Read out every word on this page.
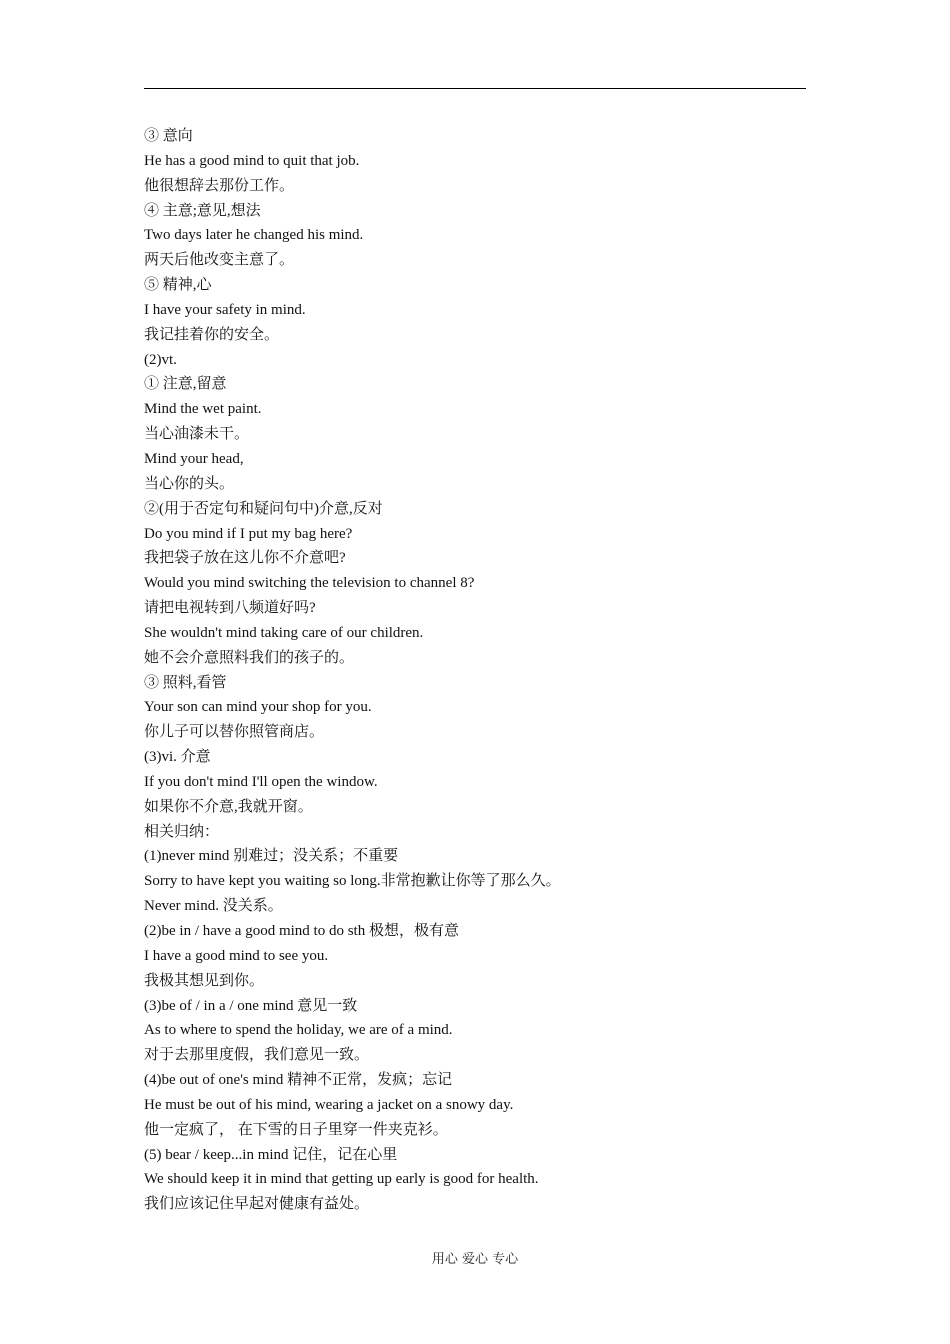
③ 意向
He has a good mind to quit that job.
他很想辞去那份工作。
④ 主意;意见,想法
Two days later he changed his mind.
两天后他改变主意了。
⑤ 精神,心
I have your safety in mind.
我记挂着你的安全。
(2)vt.
① 注意,留意
Mind the wet paint.
当心油漆未干。
Mind your head,
当心你的头。
②(用于否定句和疑问句中)介意,反对
Do you mind if I put my bag here?
我把袋子放在这儿你不介意吧?
Would you mind switching the television to channel 8?
请把电视转到八频道好吗?
She wouldn't mind taking care of our children.
她不会介意照料我们的孩子的。
③ 照料,看管
Your son can mind your shop for you.
你儿子可以替你照管商店。
(3)vi. 介意
If you don't mind I'll open the window.
如果你不介意,我就开窗。
相关归纳：
(1)never mind 别难过；没关系；不重要
Sorry to have kept you waiting so long.非常抱歉让你等了那么久。
Never mind. 没关系。
(2)be in / have a good mind to do sth 极想，极有意
I have a good mind to see you.
我极其想见到你。
(3)be of / in a / one mind 意见一致
As to where to spend the holiday, we are of a mind.
对于去那里度假，我们意见一致。
(4)be out of one's mind 精神不正常，发疯；忘记
He must be out of his mind, wearing a jacket on a snowy day.
他一定疯了， 在下雪的日子里穿一件夹克衫。
(5) bear / keep...in mind 记住，记在心里
We should keep it in mind that getting up early is good for health.
我们应该记住早起对健康有益处。
用心 爱心 专心
